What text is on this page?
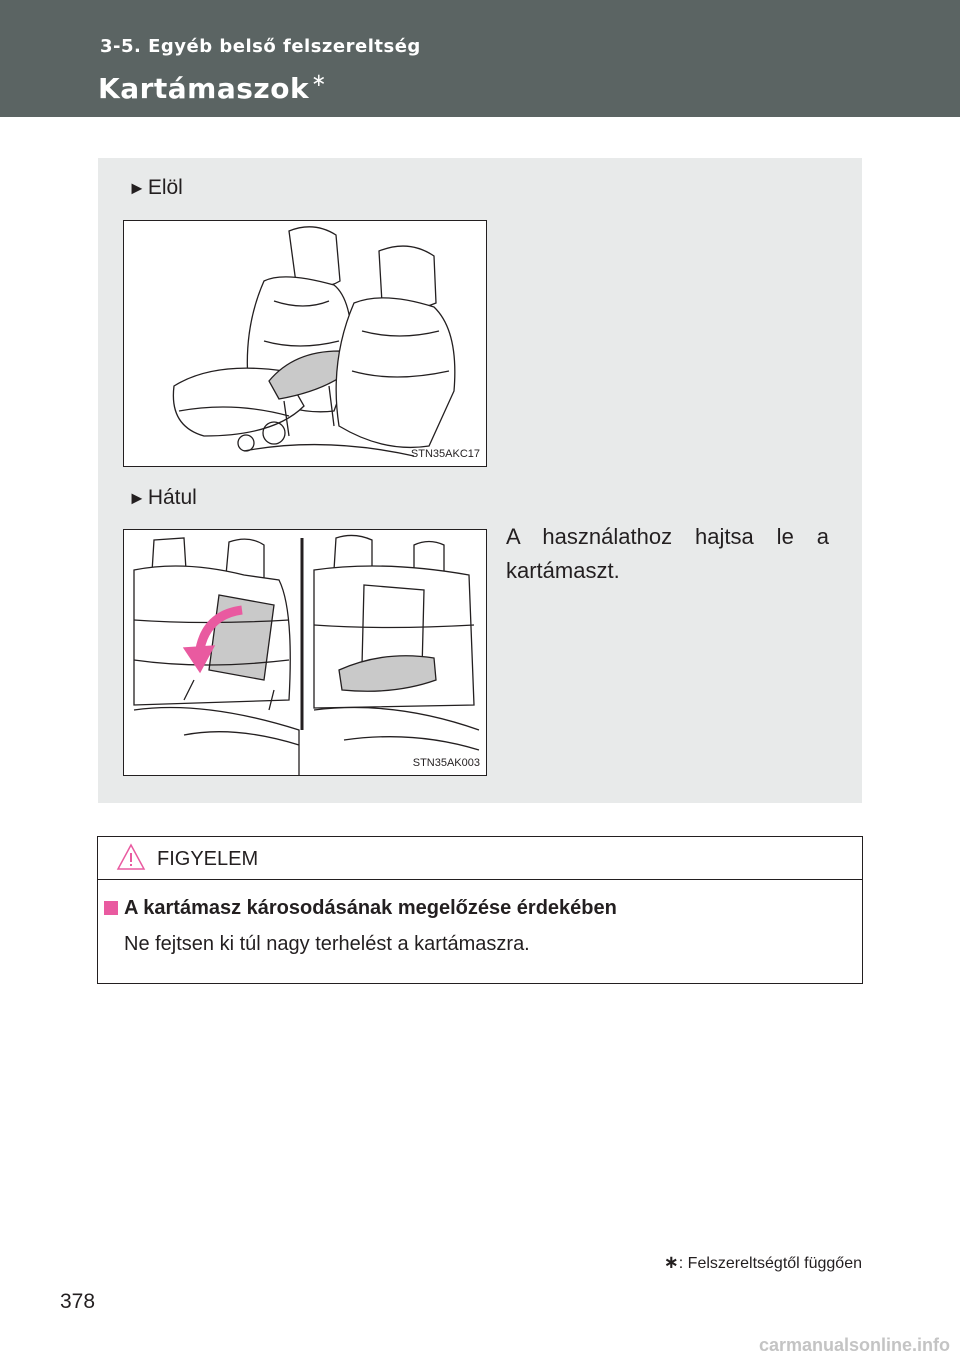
3-5. Egyéb belső felszereltség
Kartámaszok ∗
►Elöl
STN35AKC17
►Hátul
A használathoz hajtsa le a kartámaszt.
STN35AK003
FIGYELEM
A kartámasz károsodásának megelőzése érdekében
Ne fejtsen ki túl nagy terhelést a kartámaszra.
∗: Felszereltségtől függően
378
carmanualsonline.info
